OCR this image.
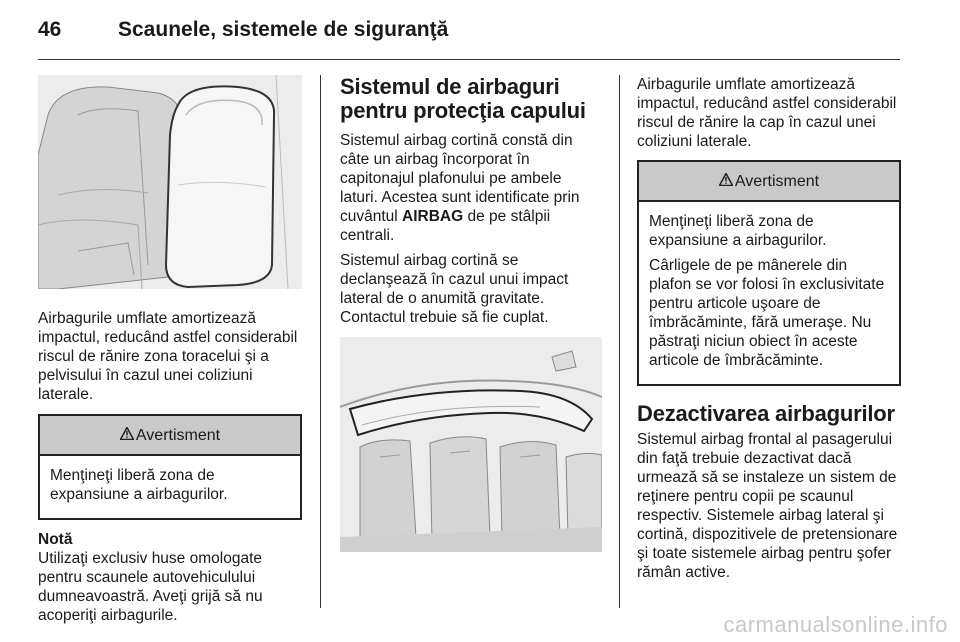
46	Scaunele, sistemele de siguranţă

Airbagurile umflate amortizează impactul, reducând astfel considerabil riscul de rănire zona toracelui şi a pelvisului în cazul unei coliziuni laterale.

Avertisment

Menţineţi liberă zona de expansiune a airbagurilor.

Notă

Utilizaţi exclusiv huse omologate pentru scaunele autovehiculului dumneavoastră. Aveţi grijă să nu acoperiţi airbagurile.

Sistemul de airbaguri pentru protecţia capului

Sistemul airbag cortină constă din câte un airbag încorporat în capitonajul plafonului pe ambele laturi. Acestea sunt identificate prin cuvântul AIRBAG de pe stâlpii centrali.

Sistemul airbag cortină se declanşează în cazul unui impact lateral de o anumită gravitate. Contactul trebuie să fie cuplat.

Airbagurile umflate amortizează impactul, reducând astfel considerabil riscul de rănire la cap în cazul unei coliziuni laterale.

Avertisment

Menţineţi liberă zona de expansiune a airbagurilor.

Cârligele de pe mânerele din plafon se vor folosi în exclusivitate pentru articole uşoare de îmbrăcăminte, fără umeraşe. Nu păstraţi niciun obiect în aceste articole de îmbrăcăminte.

Dezactivarea airbagurilor

Sistemul airbag frontal al pasagerului din faţă trebuie dezactivat dacă urmează să se instaleze un sistem de reţinere pentru copii pe scaunul respectiv. Sistemele airbag lateral şi cortină, dispozitivele de pretensionare şi toate sistemele airbag pentru şofer rămân active.

carmanualsonline.info
